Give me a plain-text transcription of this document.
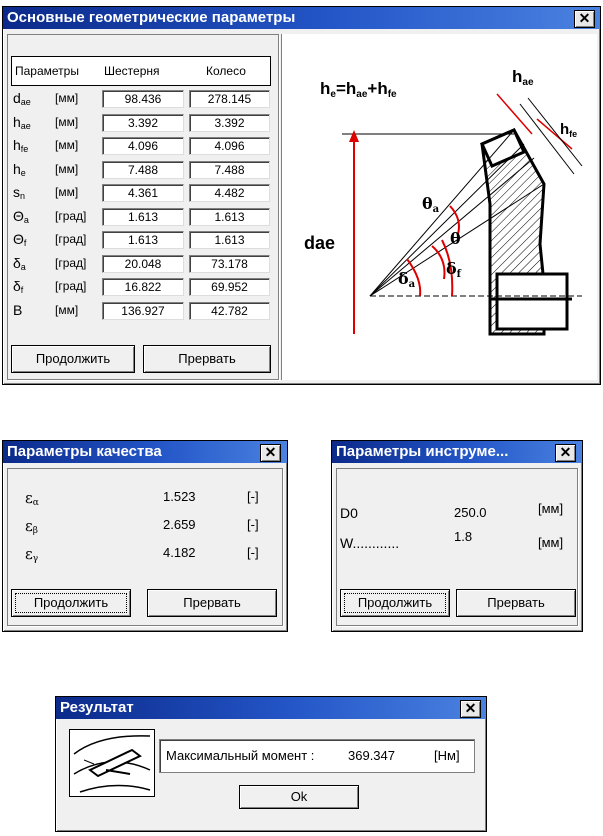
Основные геометрические параметры	✕
Параметры Шестерня	Колесо
$d_{ae}$ [мм]	98.436	278.145
$h_{ae}$ [мм]	3.392	3.392
$h_{fe}$ [мм]	4.096	4.096
$h_e$ [мм]	7.488	7.488
$s_n$ [мм]	4.361	4.482
$\Theta_a$ [град]	1.613	1.613
$\Theta_f$ [град]	1.613	1.613
$\delta_a$ [град]	20.048	73.178
$\delta_f$	[град]	16.822	69.952
B	[мм]	136.927	42.782
Продолжить	Прервать
he=hae+hfe
hae
$h_{fe}$
dae
θa
θ
δa
δf
Параметры качества	✕
$\varepsilon_\alpha$	1.523	[-]
$\varepsilon_\beta$	2.659	[-]
$\varepsilon_\gamma$	4.182	[-]
Продолжить	Прервать
Параметры инструме...	✕
D0	250.0	[мм]
W............	1.8	[мм]
Продолжить	Прервать
Результат	✕
Максимальный момент :	369.347	[Нм]
Ok
